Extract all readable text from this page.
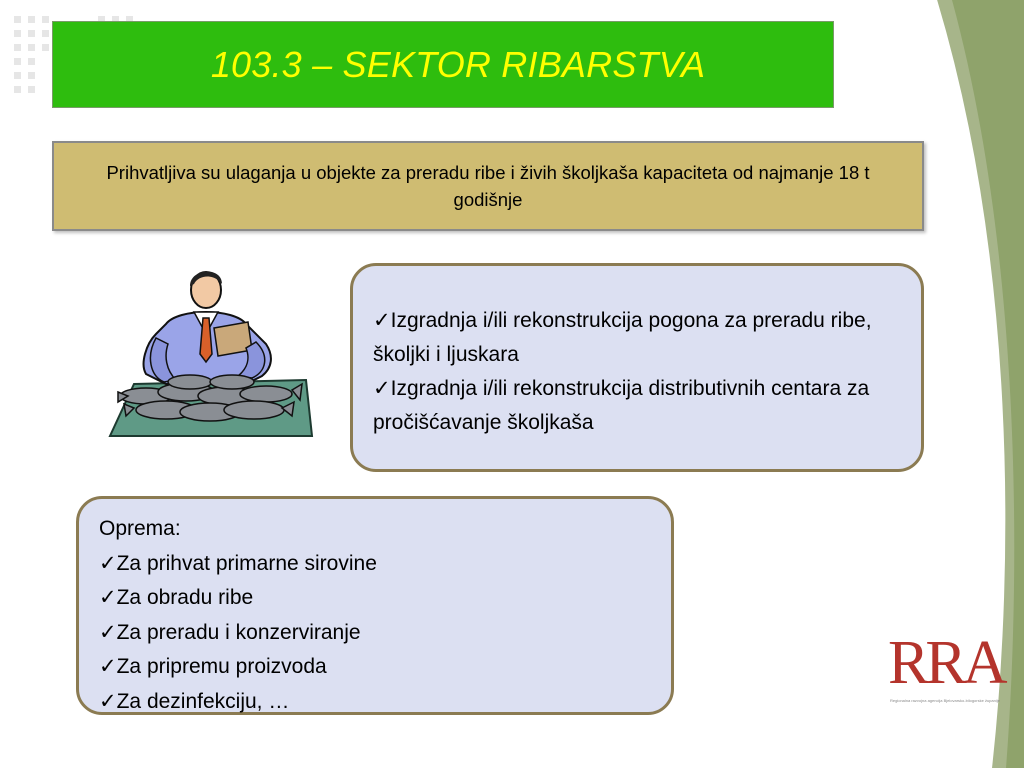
103.3 – SEKTOR RIBARSTVA
Prihvatljiva su ulaganja u objekte za preradu ribe i živih školjkaša kapaciteta od najmanje 18 t godišnje
✓Izgradnja i/ili rekonstrukcija pogona za preradu ribe, školjki i ljuskara
✓Izgradnja i/ili rekonstrukcija distributivnih centara za pročišćavanje školjkaša
Oprema:
✓Za prihvat primarne sirovine
✓Za obradu ribe
✓Za preradu i konzerviranje
✓Za pripremu proizvoda
✓Za dezinfekciju, …
RRA
Regionalna razvojna agencija Bjelovarsko-bilogorske županije
